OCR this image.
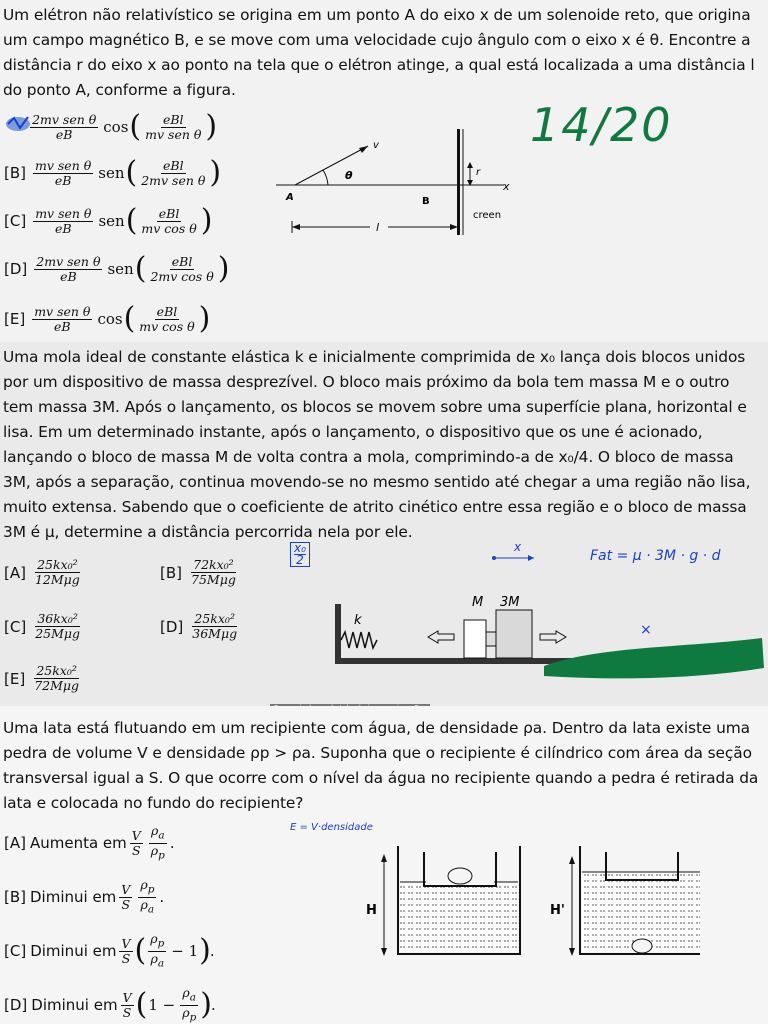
Um elétron não relativístico se origina em um ponto A do eixo x de um solenoide reto, que origina um campo magnético B, e se move com uma velocidade cujo ângulo com o eixo x é θ. Encontre a distância r do eixo x ao ponto na tela que o elétron atinge, a qual está localizada a uma distância l do ponto A, conforme a figura.
14/20

$\frac{\text{2mv sen θ}}{eB}$ cos ( $\frac{\text{eBl}}{\text{mv sen θ}}$ )
$[B] \frac{\text{mv sen θ}}{eB}$ sen ( $\frac{\text{eBl}}{\text{2mv sen θ}}$ )
$[C] \frac{\text{mv sen θ}}{eB}$ sen ( $\frac{\text{eBl}}{\text{mv cos θ}}$ )
$[D] \frac{\text{2mv sen θ}}{eB}$ sen ( $\frac{\text{eBl}}{\text{2mv cos θ}}$ )
$[E] \frac{\text{mv sen θ}}{eB}$ cos ( $\frac{\text{eBl}}{\text{mv cos θ}}$ )
x
v
θ
A	B
r
creen
l
Uma mola ideal de constante elástica k e inicialmente comprimida de x₀ lança dois blocos unidos por um dispositivo de massa desprezível. O bloco mais próximo da bola tem massa M e o outro tem massa 3M. Após o lançamento, os blocos se movem sobre uma superfície plana, horizontal e lisa. Em um determinado instante, após o lançamento, o dispositivo que os une é acionado, lançando o bloco de massa M de volta contra a mola, comprimindo-a de x₀/4. O bloco de massa 3M, após a separação, continua movendo-se no mesmo sentido até chegar a uma região não lisa, muito extensa. Sabendo que o coeficiente de atrito cinético entre essa região e o bloco de massa 3M é μ, determine a distância percorrida nela por ele.
$[A] \frac{\text{25kx₀²}}{\text{12Mμg}}$	$[B] \frac{\text{72kx₀²}}{\text{75Mμg}}$
$[C] \frac{\text{36kx₀²}}{\text{25Mμg}}$	$[D] \frac{\text{25kx₀²}}{\text{36Mμg}}$
$[E] \frac{\text{25kx₀²}}{\text{72Mμg}}$
x₀
2
x
Fat = μ · 3M · g · d
×
k
M 3M
Uma lata está flutuando em um recipiente com água, de densidade ρa. Dentro da lata existe uma pedra de volume V e densidade ρp > ρa. Suponha que o recipiente é cilíndrico com área da seção transversal igual a S. O que ocorre com o nível da água no recipiente quando a pedra é retirada da lata e colocada no fundo do recipiente?
E = V·densidade
[A] Aumenta em $\frac{V}{S} \frac{\rho_a}{\rho_p}$ .
[B] Diminui em $\frac{V}{S} \frac{\rho_p}{\rho_a}$ .
[C] Diminui em $\frac{V}{S}$ ( $\frac{\rho_p}{\rho_a} - 1$ ) .
[D] Diminui em $\frac{V}{S}$ ( $1 - \frac{\rho_a}{\rho_p}$ ) .
H	H'
